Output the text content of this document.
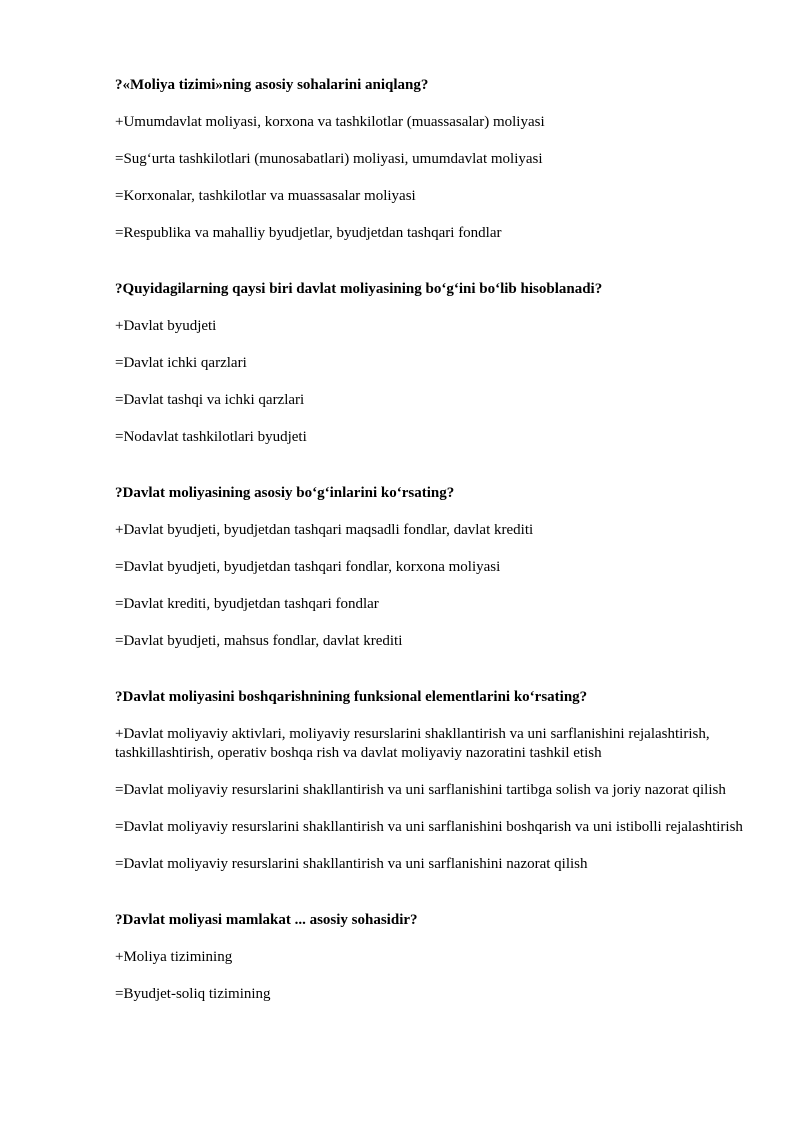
?«Moliya tizimi»ning asosiy sohalarini aniqlang?
+Umumdavlat moliyasi, korxona va tashkilotlar (muassasalar) moliyasi
=Sug‘urta tashkilotlari (munosabatlari) moliyasi, umumdavlat moliyasi
=Korxonalar, tashkilotlar va muassasalar moliyasi
=Respublika va mahalliy byudjetlar, byudjetdan tashqari fondlar
?Quyidagilarning qaysi biri davlat moliyasining bo‘g‘ini bo‘lib hisoblanadi?
+Davlat byudjeti
=Davlat ichki qarzlari
=Davlat tashqi va ichki qarzlari
=Nodavlat tashkilotlari byudjeti
?Davlat moliyasining asosiy bo‘g‘inlarini ko‘rsating?
+Davlat byudjeti, byudjetdan tashqari maqsadli fondlar, davlat krediti
=Davlat byudjeti, byudjetdan tashqari fondlar, korxona moliyasi
=Davlat krediti, byudjetdan tashqari fondlar
=Davlat byudjeti, mahsus fondlar, davlat krediti
?Davlat moliyasini boshqarishnining funksional elementlarini ko‘rsating?
+Davlat moliyaviy aktivlari, moliyaviy resurslarini shakllantirish va uni sarflanishini rejalashtirish, tashkillashtirish, operativ boshqa rish va davlat moliyaviy nazoratini tashkil etish
=Davlat moliyaviy resurslarini shakllantirish va uni sarflanishini tartibga solish va joriy nazorat qilish
=Davlat moliyaviy resurslarini shakllantirish va uni sarflanishini boshqarish va uni istibolli rejalashtirish
=Davlat moliyaviy resurslarini shakllantirish va uni sarflanishini nazorat qilish
?Davlat moliyasi mamlakat ... asosiy sohasidir?
+Moliya tizimining
=Byudjet-soliq tizimining
